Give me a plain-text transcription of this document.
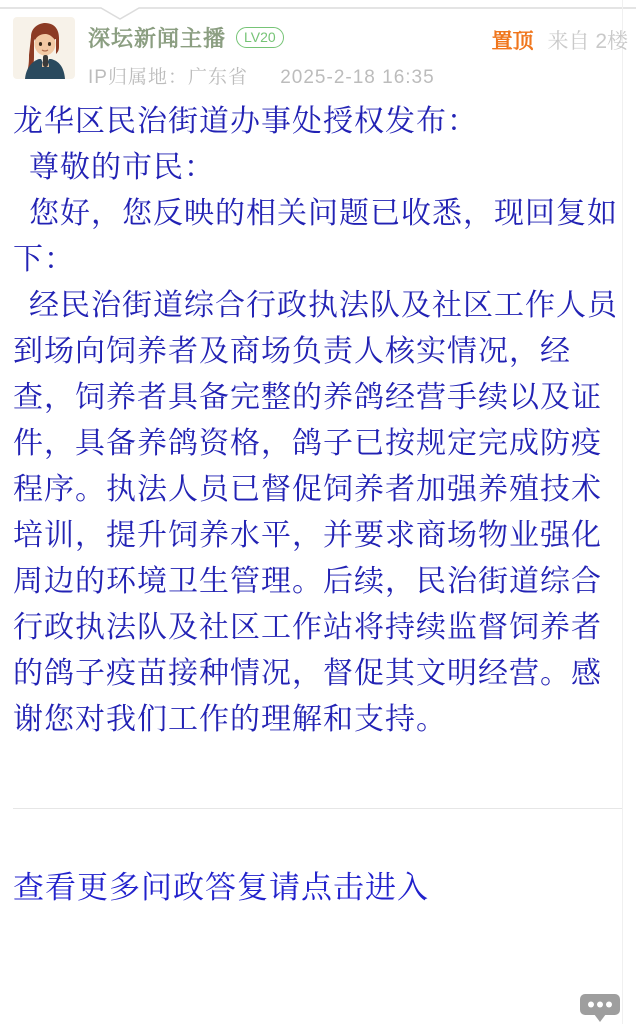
深坛新闻主播	LV20
IP归属地：广东省 2025-2-18 16:35
置顶 来自 2楼

龙华区民治街道办事处授权发布：

 尊敬的市民：

 您好，您反映的相关问题已收悉，现回复如下：

 经民治街道综合行政执法队及社区工作人员到场向饲养者及商场负责人核实情况，经查，饲养者具备完整的养鸽经营手续以及证件，具备养鸽资格，鸽子已按规定完成防疫程序。执法人员已督促饲养者加强养殖技术培训，提升饲养水平，并要求商场物业强化周边的环境卫生管理。后续，民治街道综合行政执法队及社区工作站将持续监督饲养者的鸽子疫苗接种情况，督促其文明经营。感谢您对我们工作的理解和支持。

查看更多问政答复请点击进入
